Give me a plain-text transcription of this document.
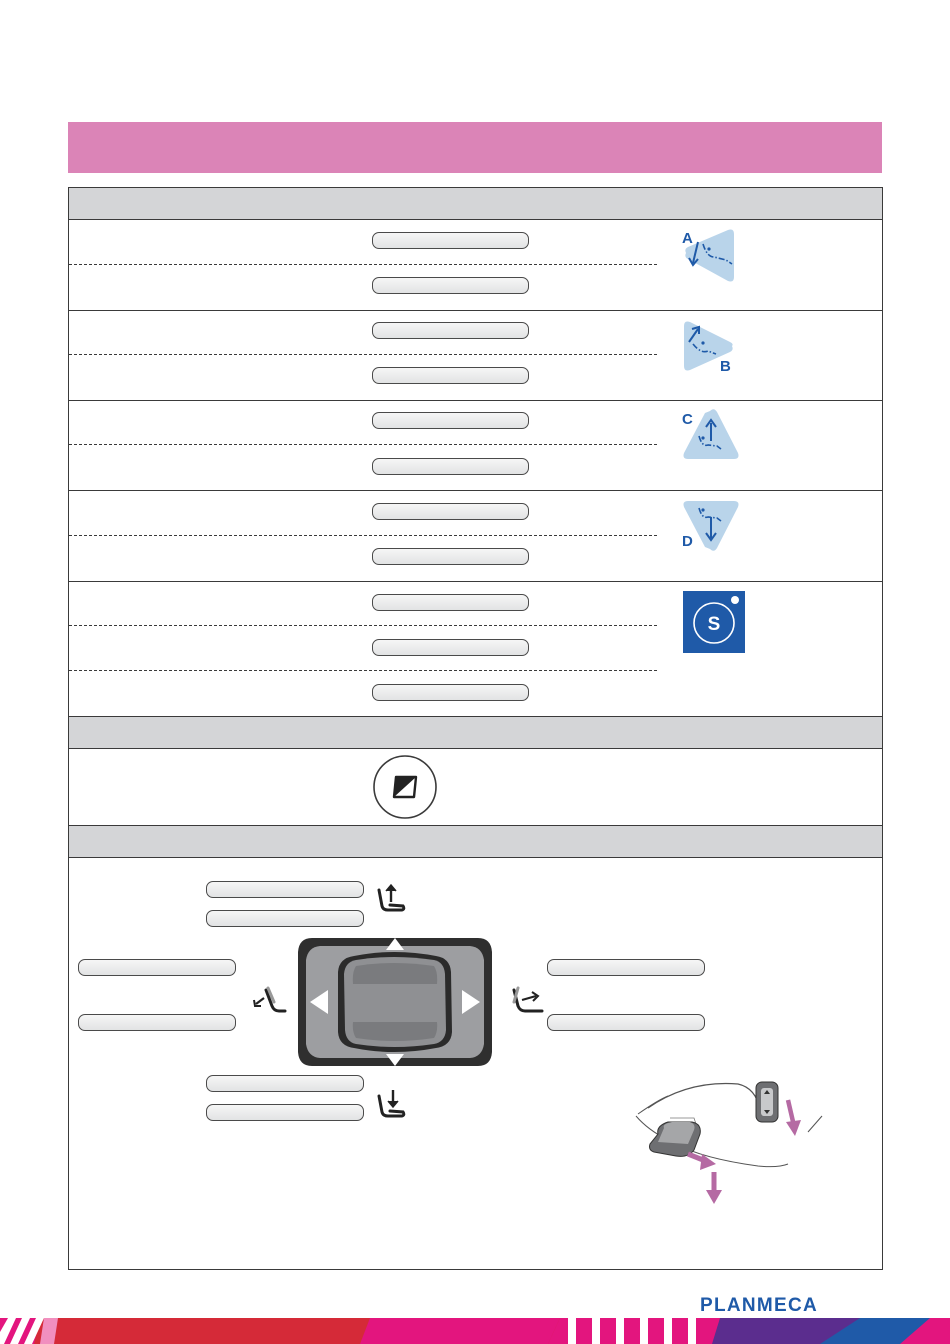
A
B
C
D
S
PLANMECA
